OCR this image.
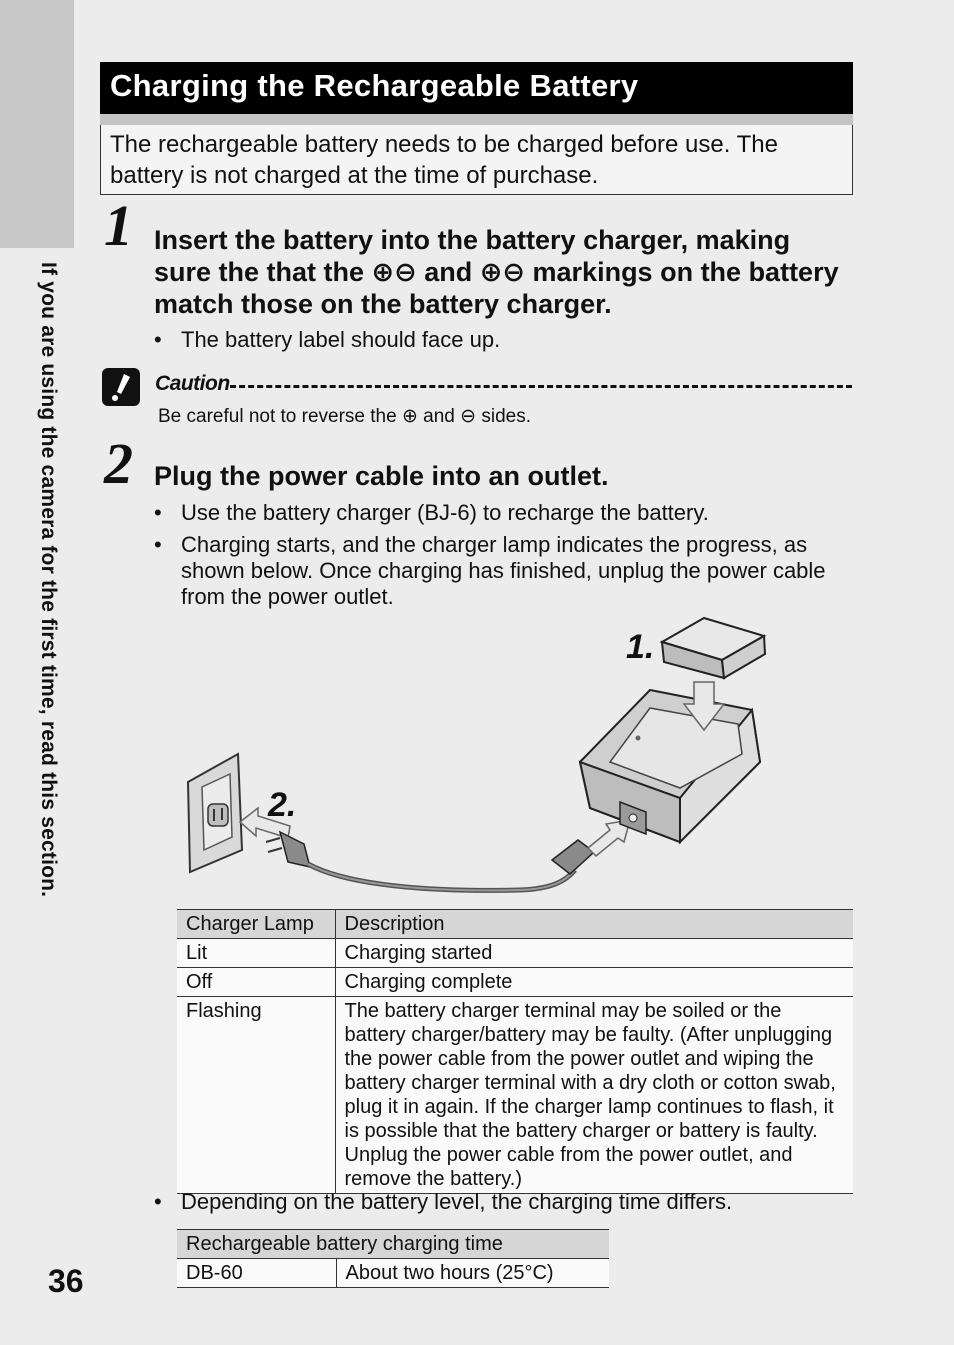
If you are using the camera for the first time, read this section.
36
Charging the Rechargeable Battery
The rechargeable battery needs to be charged before use. The battery is not charged at the time of purchase.
1 Insert the battery into the battery charger, making
sure the that the ⊕⊖ and ⊕⊖ markings on the battery
match those on the battery charger.
• The battery label should face up.
Caution
Be careful not to reverse the ⊕ and ⊖ sides.
2 Plug the power cable into an outlet.
• Use the battery charger (BJ-6) to recharge the battery.
• Charging starts, and the charger lamp indicates the progress, as shown below. Once charging has finished, unplug the power cable from the power outlet.
1.
2.
Charger Lamp	Description
Lit	Charging started
Off	Charging complete
Flashing	The battery charger terminal may be soiled or the battery charger/battery may be faulty. (After unplugging the power cable from the power outlet and wiping the battery charger terminal with a dry cloth or cotton swab, plug it in again. If the charger lamp continues to flash, it is possible that the battery charger or battery is faulty. Unplug the power cable from the power outlet, and remove the battery.)
• Depending on the battery level, the charging time differs.
Rechargeable battery charging time
DB-60	About two hours (25°C)
